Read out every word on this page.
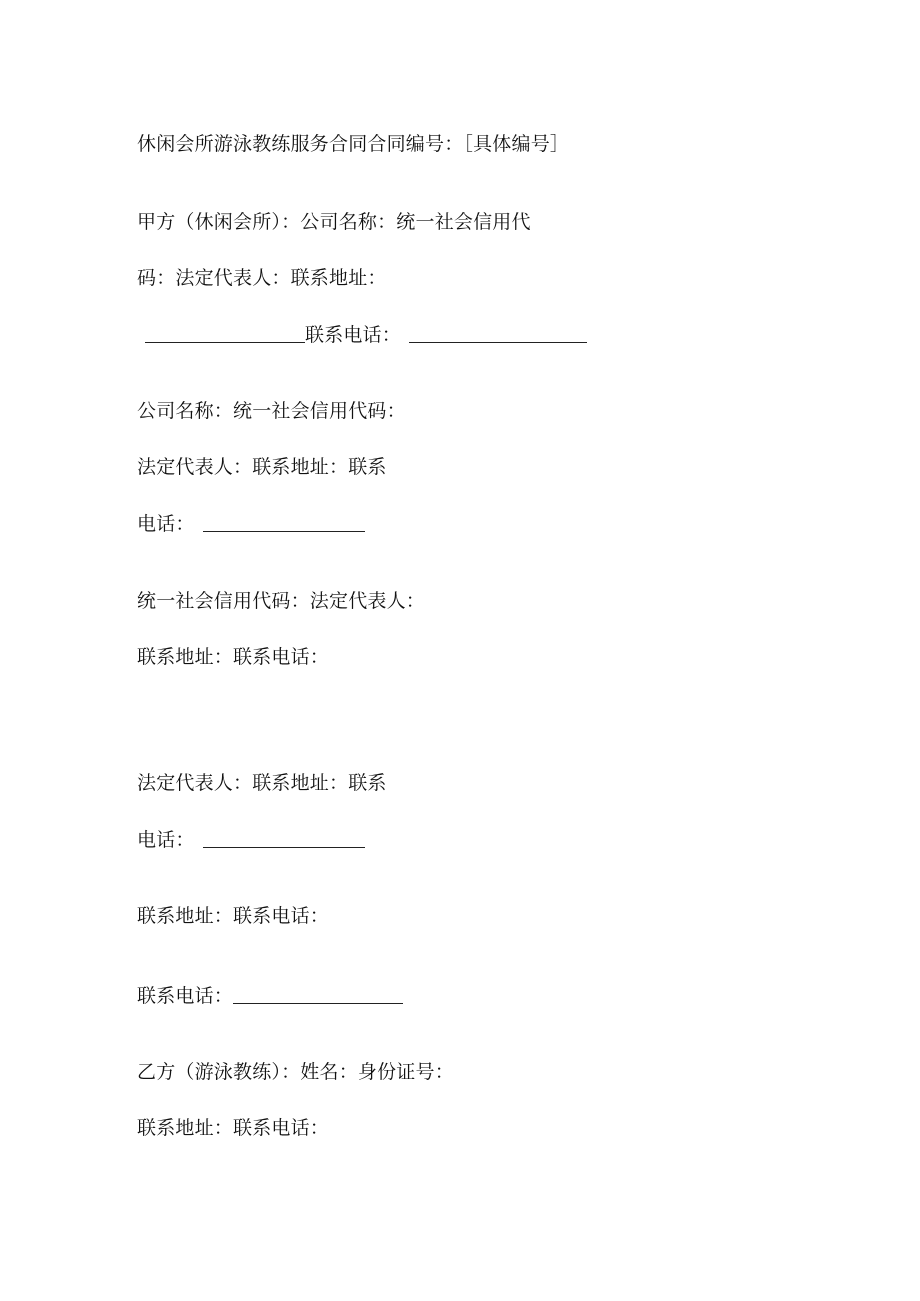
休闲会所游泳教练服务合同合同编号：［具体编号］
甲方（休闲会所）：公司名称：统一社会信用代
码：法定代表人：联系地址：
联系电话：
公司名称：统一社会信用代码：
法定代表人：联系地址：联系
电话：
统一社会信用代码：法定代表人：
联系地址：联系电话：
法定代表人：联系地址：联系
电话：
联系地址：联系电话：
联系电话：
乙方（游泳教练）：姓名：身份证号：
联系地址：联系电话：
